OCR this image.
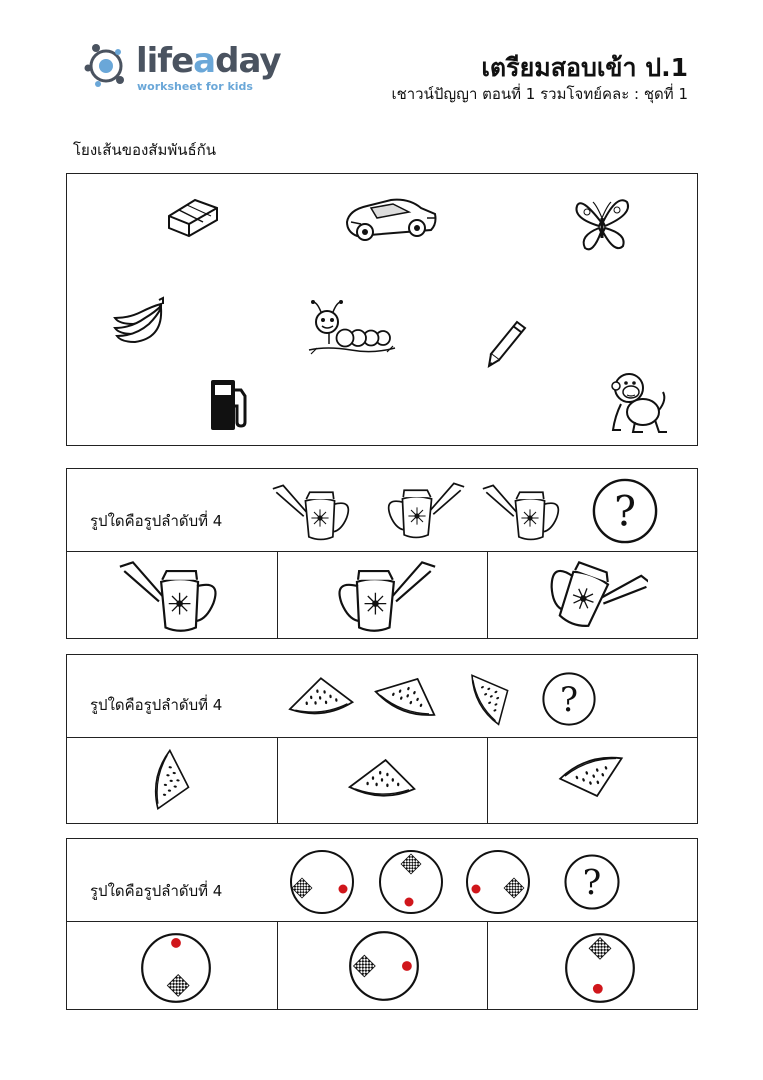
lifeaday
worksheet for kids
เตรียมสอบเข้า ป.1
เชาวน์ปัญญา ตอนที่ 1 รวมโจทย์คละ : ชุดที่ 1
โยงเส้นของสัมพันธ์กัน
รูปใดคือรูปลำดับที่ 4	?
รูปใดคือรูปลำดับที่ 4	?
รูปใดคือรูปลำดับที่ 4	?
